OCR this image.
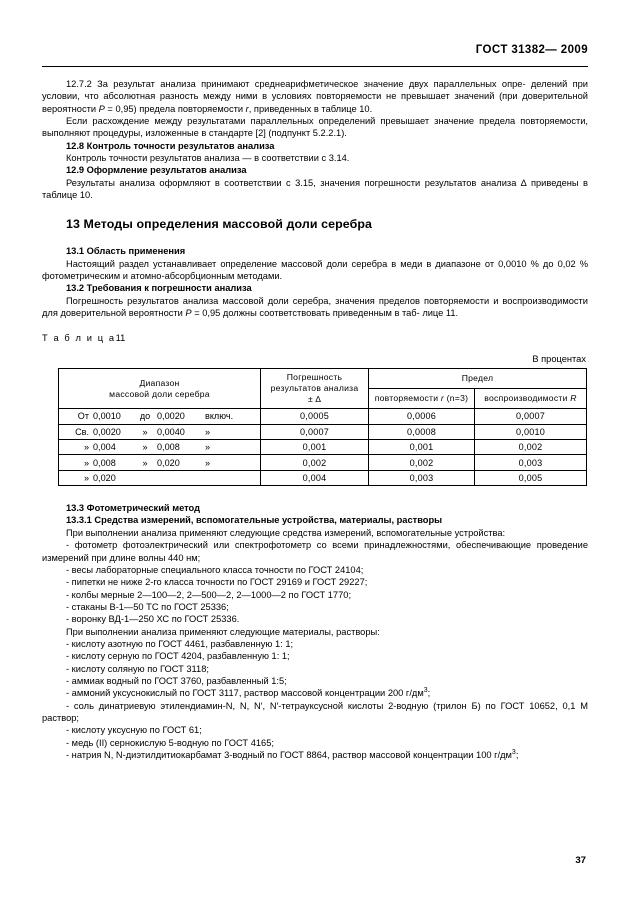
ГОСТ 31382— 2009

12.7.2 За результат анализа принимают среднеарифметическое значение двух параллельных опре- делений при условии, что абсолютная разность между ними в условиях повторяемости не превышает значений (при доверительной вероятности P = 0,95) предела повторяемости r, приведенных в таблице 10.

Если расхождение между результатами параллельных определений превышает значение предела повторяемости, выполняют процедуры, изложенные в стандарте [2] (подпункт 5.2.2.1).

12.8 Контроль точности результатов анализа

Контроль точности результатов анализа — в соответствии с 3.14.

12.9 Оформление результатов анализа

Результаты анализа оформляют в соответствии с 3.15, значения погрешности результатов анализа ∆ приведены в таблице 10.

13 Методы определения массовой доли серебра

13.1 Область применения

Настоящий раздел устанавливает определение массовой доли серебра в меди в диапазоне от 0,0010 % до 0,02 % фотометрическим и атомно-абсорбционным методами.

13.2 Требования к погрешности анализа

Погрешность результатов анализа массовой доли серебра, значения пределов повторяемости и воспроизводимости для доверительной вероятности P = 0,95 должны соответствовать приведенным в таб- лице 11.

Т а б л и ц а11

В процентах

Диапазон
массовой доли серебра

Погрешность
результатов анализа
± ∆
	Предел
		повторяемости r (n=3)	воспроизводимости R

От 0,0010 до 0,0020 включ.	0,0005	0,0006	0,0007

Св. 0,0020 » 0,0040 »	0,0007	0,0008	0,0010

» 0,004 » 0,008 »	0,001	0,001	0,002

» 0,008 » 0,020 »	0,002	0,002	0,003

» 0,020	0,004	0,003	0,005

13.3 Фотометрический метод

13.3.1 Средства измерений, вспомогательные устройства, материалы, растворы

При выполнении анализа применяют следующие средства измерений, вспомогательные устройства:

- фотометр фотоэлектрический или спектрофотометр со всеми принадлежностями, обеспечивающие проведение измерений при длине волны 440 нм;

- весы лабораторные специального класса точности по ГОСТ 24104;

- пипетки не ниже 2-го класса точности по ГОСТ 29169 и ГОСТ 29227;

- колбы мерные 2—100—2, 2—500—2, 2—1000—2 по ГОСТ 1770;

- стаканы В-1—50 ТС по ГОСТ 25336;

- воронку ВД-1—250 ХС по ГОСТ 25336.

При выполнении анализа применяют следующие материалы, растворы:

- кислоту азотную по ГОСТ 4461, разбавленную 1: 1;

- кислоту серную по ГОСТ 4204, разбавленную 1: 1;

- кислоту соляную по ГОСТ 3118;

- аммиак водный по ГОСТ 3760, разбавленный 1:5;

- аммоний уксуснокислый по ГОСТ 3117, раствор массовой концентрации 200 $г/дм^3$;

- соль динатриевую этилендиамин-N, N, N′, N′-тетрауксусной кислоты 2-водную (трилон Б) по ГОСТ 10652, 0,1 М раствор;

- кислоту уксусную по ГОСТ 61;

- медь (II) сернокислую 5-водную по ГОСТ 4165;

- натрия N, N-диэтилдитиокарбамат 3-водный по ГОСТ 8864, раствор массовой концентрации 100 $г/дм^3$;

37
